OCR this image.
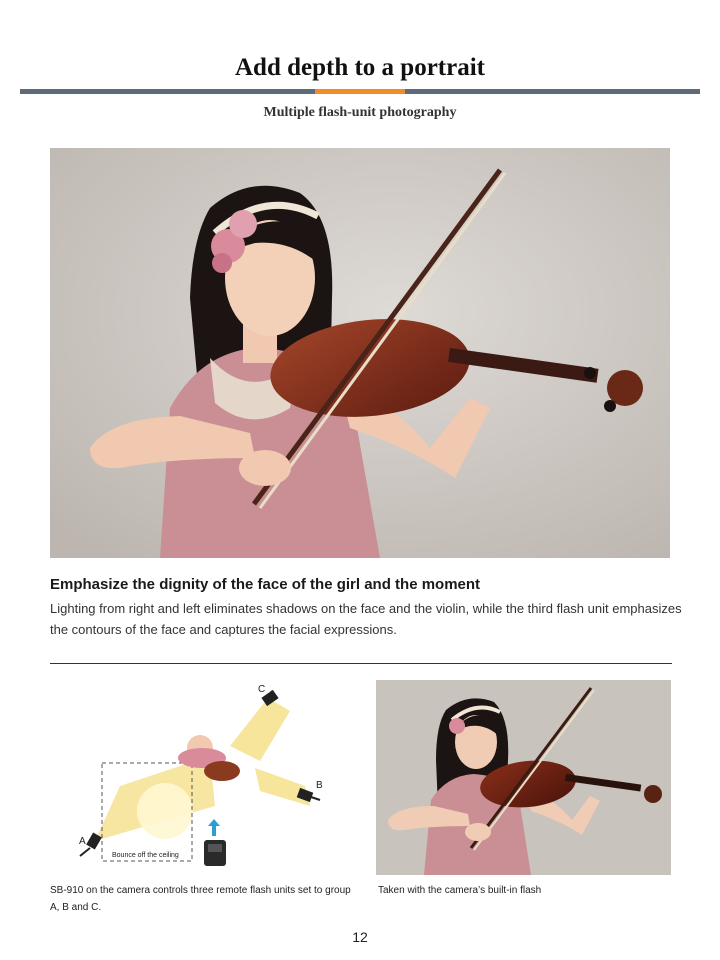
Add depth to a portrait
Multiple flash-unit photography
Emphasize the dignity of the face of the girl and the moment
Lighting from right and left eliminates shadows on the face and the violin, while the third flash unit emphasizes the contours of the face and captures the facial expressions.
C
B
A
Bounce off the ceiling
SB-910 on the camera controls three remote flash units set to group A, B and C.
Taken with the camera’s built-in flash
12
